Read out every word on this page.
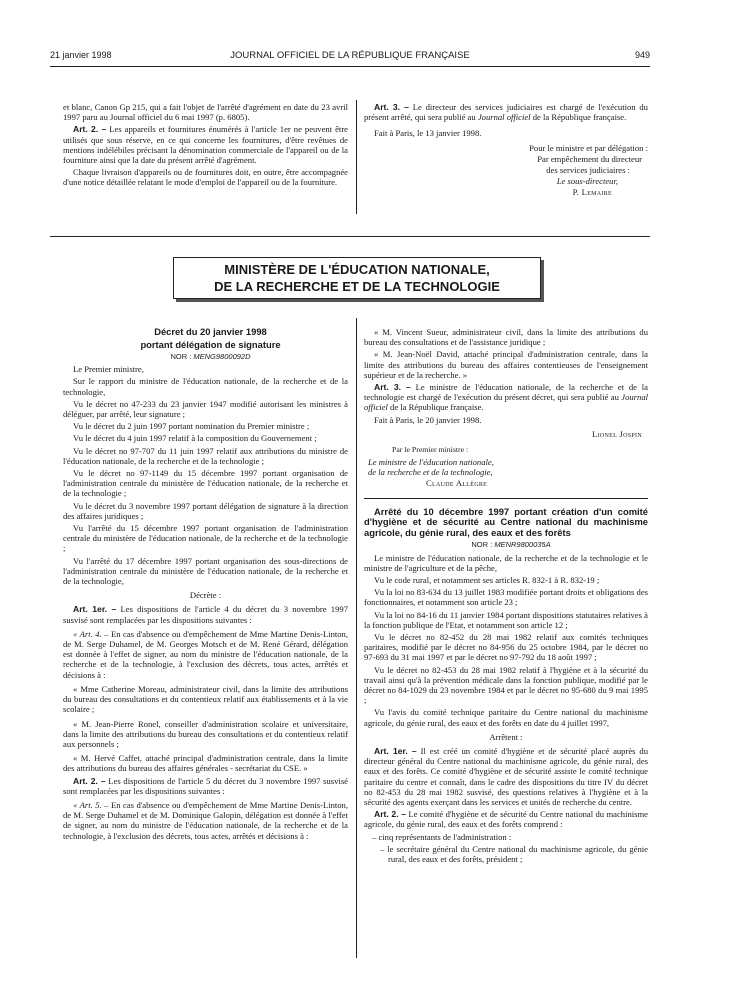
21 janvier 1998	JOURNAL OFFICIEL DE LA RÉPUBLIQUE FRANÇAISE	949

et blanc, Canon Gp 215, qui a fait l'objet de l'arrêté d'agrément en date du 23 avril 1997 paru au Journal officiel du 6 mai 1997 (p. 6805).

Art. 2. – Les appareils et fournitures énumérés à l'article 1er ne peuvent être utilisés que sous réserve, en ce qui concerne les fournitures, d'être revêtues de mentions indélébiles précisant la dénomination commerciale de l'appareil ou de la fourniture ainsi que la date du présent arrêté d'agrément.

Chaque livraison d'appareils ou de fournitures doit, en outre, être accompagnée d'une notice détaillée relatant le mode d'emploi de l'appareil ou de la fourniture.

Art. 3. – Le directeur des services judiciaires est chargé de l'exécution du présent arrêté, qui sera publié au Journal officiel de la République française.

Fait à Paris, le 13 janvier 1998.

Pour le ministre et par délégation :
Par empêchement du directeur
des services judiciaires :
Le sous-directeur,
P. Lemaire
MINISTÈRE DE L'ÉDUCATION NATIONALE,
DE LA RECHERCHE ET DE LA TECHNOLOGIE

Décret du 20 janvier 1998

portant délégation de signature

NOR : MENG9800092D

Le Premier ministre,

Sur le rapport du ministre de l'éducation nationale, de la recherche et de la technologie,

Vu le décret no 47-233 du 23 janvier 1947 modifié autorisant les ministres à déléguer, par arrêté, leur signature ;

Vu le décret du 2 juin 1997 portant nomination du Premier ministre ;

Vu le décret du 4 juin 1997 relatif à la composition du Gouvernement ;

Vu le décret no 97-707 du 11 juin 1997 relatif aux attributions du ministre de l'éducation nationale, de la recherche et de la technologie ;

Vu le décret no 97-1149 du 15 décembre 1997 portant organisation de l'administration centrale du ministère de l'éducation nationale, de la recherche et de la technologie ;

Vu le décret du 3 novembre 1997 portant délégation de signature à la direction des affaires juridiques ;

Vu l'arrêté du 15 décembre 1997 portant organisation de l'administration centrale du ministère de l'éducation nationale, de la recherche et de la technologie ;

Vu l'arrêté du 17 décembre 1997 portant organisation des sous-directions de l'administration centrale du ministère de l'éducation nationale, de la recherche et de la technologie,

Décrète :

Art. 1er. – Les dispositions de l'article 4 du décret du 3 novembre 1997 susvisé sont remplacées par les dispositions suivantes :

« Art. 4. – En cas d'absence ou d'empêchement de Mme Martine Denis-Linton, de M. Serge Duhamel, de M. Georges Motsch et de M. René Gérard, délégation est donnée à l'effet de signer, au nom du ministre de l'éducation nationale, de la recherche et de la technologie, à l'exclusion des décrets, tous actes, arrêtés et décisions à :

« Mme Catherine Moreau, administrateur civil, dans la limite des attributions du bureau des consultations et du contentieux relatif aux établissements et à la vie scolaire ;

« M. Jean-Pierre Ronel, conseiller d'administration scolaire et universitaire, dans la limite des attributions du bureau des consultations et du contentieux relatif aux personnels ;

« M. Hervé Caffet, attaché principal d'administration centrale, dans la limite des attributions du bureau des affaires générales - secrétariat du CSE. »

Art. 2. – Les dispositions de l'article 5 du décret du 3 novembre 1997 susvisé sont remplacées par les dispositions suivantes :

« Art. 5. – En cas d'absence ou d'empêchement de Mme Martine Denis-Linton, de M. Serge Duhamel et de M. Dominique Galopin, délégation est donnée à l'effet de signer, au nom du ministre de l'éducation nationale, de la recherche et de la technologie, à l'exclusion des décrets, tous actes, arrêtés et décisions à :

« M. Vincent Sueur, administrateur civil, dans la limite des attributions du bureau des consultations et de l'assistance juridique ;

« M. Jean-Noël David, attaché principal d'administration centrale, dans la limite des attributions du bureau des affaires contentieuses de l'enseignement supérieur et de la recherche. »

Art. 3. – Le ministre de l'éducation nationale, de la recherche et de la technologie est chargé de l'exécution du présent décret, qui sera publié au Journal officiel de la République française.

Fait à Paris, le 20 janvier 1998.

Lionel Jospin

Par le Premier ministre :

Le ministre de l'éducation nationale,

de la recherche et de la technologie,

Claude Allègre

Arrêté du 10 décembre 1997 portant création d'un comité d'hygiène et de sécurité au Centre national du machinisme agricole, du génie rural, des eaux et des forêts

NOR : MENR9800035A

Le ministre de l'éducation nationale, de la recherche et de la technologie et le ministre de l'agriculture et de la pêche,

Vu le code rural, et notamment ses articles R. 832-1 à R. 832-19 ;

Vu la loi no 83-634 du 13 juillet 1983 modifiée portant droits et obligations des fonctionnaires, et notamment son article 23 ;

Vu la loi no 84-16 du 11 janvier 1984 portant dispositions statutaires relatives à la fonction publique de l'Etat, et notamment son article 12 ;

Vu le décret no 82-452 du 28 mai 1982 relatif aux comités techniques paritaires, modifié par le décret no 84-956 du 25 octobre 1984, par le décret no 97-693 du 31 mai 1997 et par le décret no 97-792 du 18 août 1997 ;

Vu le décret no 82-453 du 28 mai 1982 relatif à l'hygiène et à la sécurité du travail ainsi qu'à la prévention médicale dans la fonction publique, modifié par le décret no 84-1029 du 23 novembre 1984 et par le décret no 95-680 du 9 mai 1995 ;

Vu l'avis du comité technique paritaire du Centre national du machinisme agricole, du génie rural, des eaux et des forêts en date du 4 juillet 1997,

Arrêtent :

Art. 1er. – Il est créé un comité d'hygiène et de sécurité placé auprès du directeur général du Centre national du machinisme agricole, du génie rural, des eaux et des forêts. Ce comité d'hygiène et de sécurité assiste le comité technique paritaire du centre et connaît, dans le cadre des dispositions du titre IV du décret no 82-453 du 28 mai 1982 susvisé, des questions relatives à l'hygiène et à la sécurité des agents exerçant dans les services et unités de recherche du centre.

Art. 2. – Le comité d'hygiène et de sécurité du Centre national du machinisme agricole, du génie rural, des eaux et des forêts comprend :

– cinq représentants de l'administration :

– le secrétaire général du Centre national du machinisme agricole, du génie rural, des eaux et des forêts, président ;
